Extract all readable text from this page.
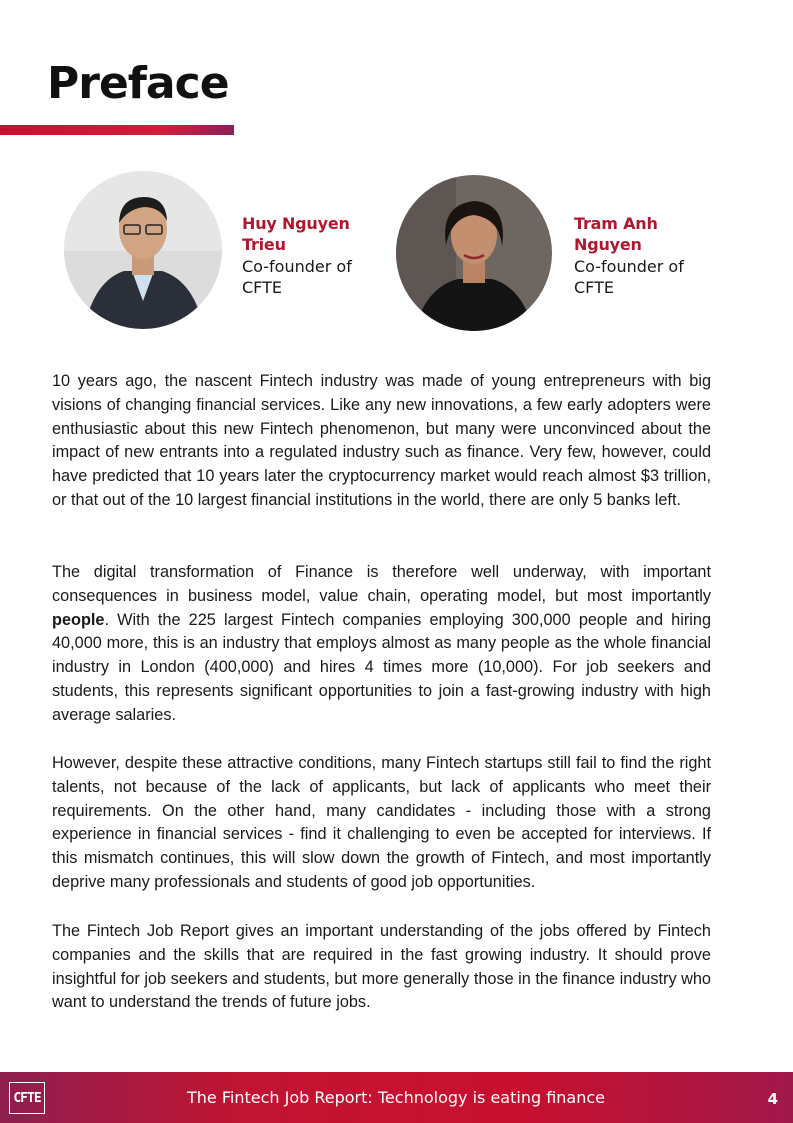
Preface
Huy Nguyen
Trieu
Co-founder of
CFTE
Tram Anh
Nguyen
Co-founder of
CFTE

10 years ago, the nascent Fintech industry was made of young entrepreneurs with big visions of changing financial services. Like any new innovations, a few early adopters were enthusiastic about this new Fintech phenomenon, but many were unconvinced about the impact of new entrants into a regulated industry such as finance. Very few, however, could have predicted that 10 years later the cryptocurrency market would reach almost $3 trillion, or that out of the 10 largest financial institutions in the world, there are only 5 banks left.

The digital transformation of Finance is therefore well underway, with important consequences in business model, value chain, operating model, but most importantly people. With the 225 largest Fintech companies employing 300,000 people and hiring 40,000 more, this is an industry that employs almost as many people as the whole financial industry in London (400,000) and hires 4 times more (10,000). For job seekers and students, this represents significant opportunities to join a fast-growing industry with high average salaries.

However, despite these attractive conditions, many Fintech startups still fail to find the right talents, not because of the lack of applicants, but lack of applicants who meet their requirements. On the other hand, many candidates - including those with a strong experience in financial services - find it challenging to even be accepted for interviews. If this mismatch continues, this will slow down the growth of Fintech, and most importantly deprive many professionals and students of good job opportunities.

The Fintech Job Report gives an important understanding of the jobs offered by Fintech companies and the skills that are required in the fast growing industry. It should prove insightful for job seekers and students, but more generally those in the finance industry who want to understand the trends of future jobs.

CFTE	The Fintech Job Report: Technology is eating finance	4
